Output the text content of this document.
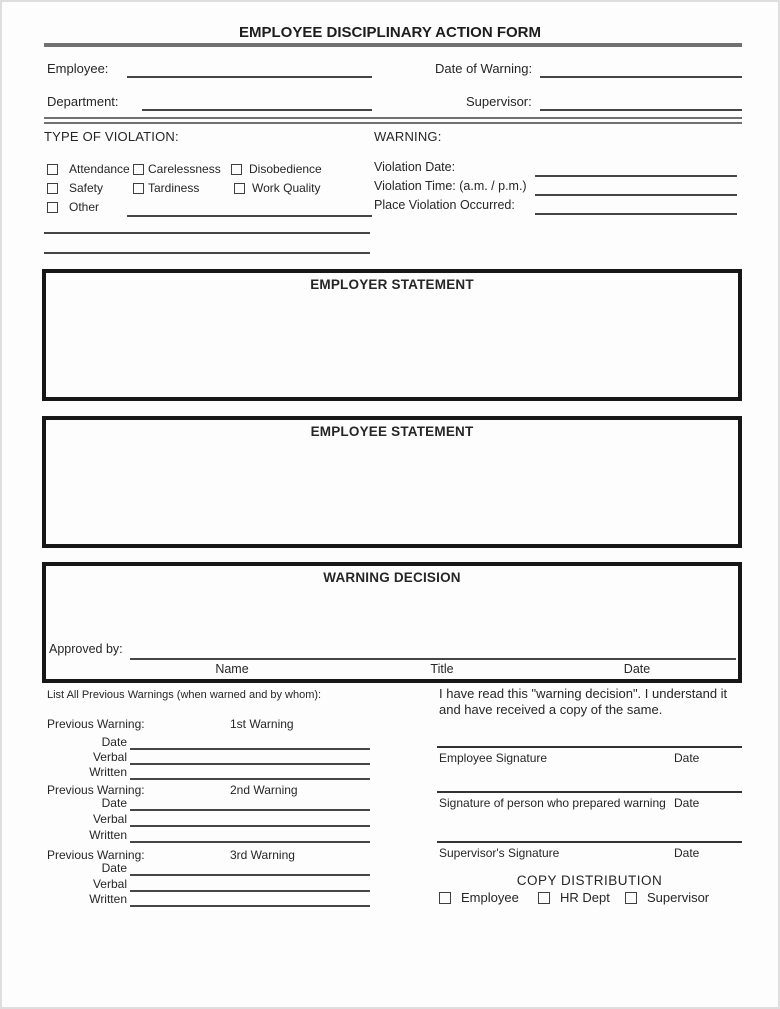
EMPLOYEE DISCIPLINARY ACTION FORM
Employee:	Date of Warning:
Department:	Supervisor:
TYPE OF VIOLATION:
Attendance Carelessness Disobedience
Safety	Tardiness	Work Quality
Other
WARNING:
Violation Date:
Violation Time: (a.m. / p.m.)
Place Violation Occurred:
EMPLOYER STATEMENT
EMPLOYEE STATEMENT
WARNING DECISION
Approved by:
Name	Title	Date
List All Previous Warnings (when warned and by whom):
Previous Warning:	1st Warning
Date
Verbal
Written
Previous Warning:	2nd Warning
Date
Verbal
Written
Previous Warning:	3rd Warning
Date
Verbal
Written
I have read this "warning decision". I understand it and have received a copy of the same.
Employee Signature	Date
Signature of person who prepared warning Date
Supervisor's Signature	Date
COPY DISTRIBUTION
Employee	HR Dept	Supervisor
